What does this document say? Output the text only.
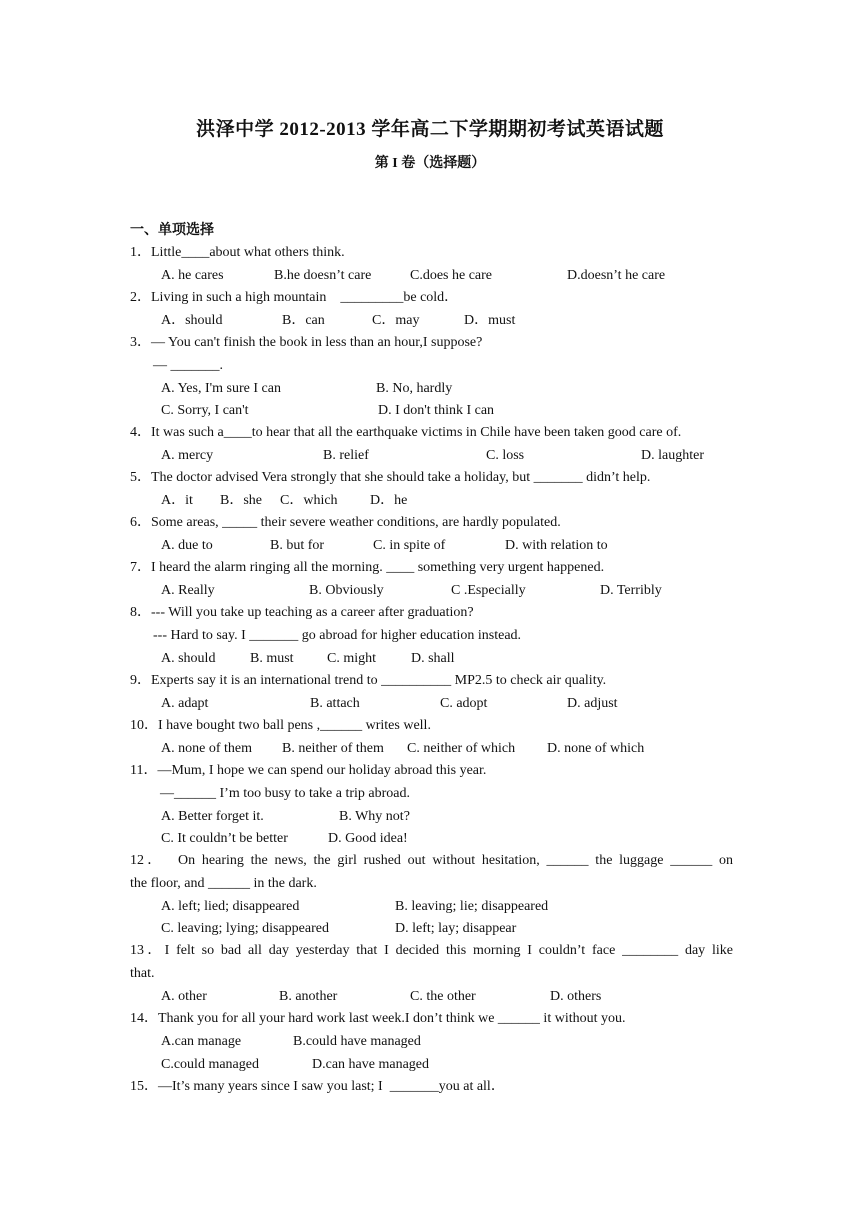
洪泽中学 2012-2013 学年高二下学期期初考试英语试题
第 I 卷（选择题）
一、单项选择
1．Little____about what others think.
A. he cares	B.he doesn’t care	C.does he care	D.doesn’t he care
2．Living in such a high mountain    _________be cold．
A．should	B．can	C．may	D．must
3．— You can't finish the book in less than an hour,I suppose?
— _______.
A. Yes, I'm sure I can	B. No, hardly
C. Sorry, I can't	D. I don't think I can
4．It was such a____to hear that all the earthquake victims in Chile have been taken good care of.
A. mercy	B. relief	C. loss	D. laughter
5．The doctor advised Vera strongly that she should take a holiday, but _______ didn’t help.
A．it B．she C．which D．he
6．Some areas, _____ their severe weather conditions, are hardly populated.
A. due to	B. but for	C. in spite of	D. with relation to
7．I heard the alarm ringing all the morning. ____ something very urgent happened.
A. Really	B. Obviously	C .Especially	D. Terribly
8．--- Will you take up teaching as a career after graduation?
--- Hard to say. I _______ go abroad for higher education instead.
A. should B. must C. might D. shall
9．Experts say it is an international trend to __________ MP2.5 to check air quality.
A. adapt	B. attach	C. adopt	D. adjust
10．I have bought two ball pens ,______ writes well.
A. none of them B. neither of them C. neither of which D. none of which
11．—Mum, I hope we can spend our holiday abroad this year.
—______ I’m too busy to take a trip abroad.
A. Better forget it.	B. Why not?
C. It couldn’t be better	D. Good idea!
12．  On hearing the news, the girl rushed out without hesitation, ______ the luggage ______ on
the floor, and ______ in the dark.
A. left; lied; disappeared	B. leaving; lie; disappeared
C. leaving; lying; disappeared	D. left; lay; disappear
13．I felt so bad all day yesterday that I decided this morning I couldn’t face ________ day like
that.
A. other	B. another	C. the other	D. others
14．Thank you for all your hard work last week.I don’t think we ______ it without you.
A.can manage	B.could have managed
C.could managed	D.can have managed
15．—It’s many years since I saw you last; I  _______you at all．
